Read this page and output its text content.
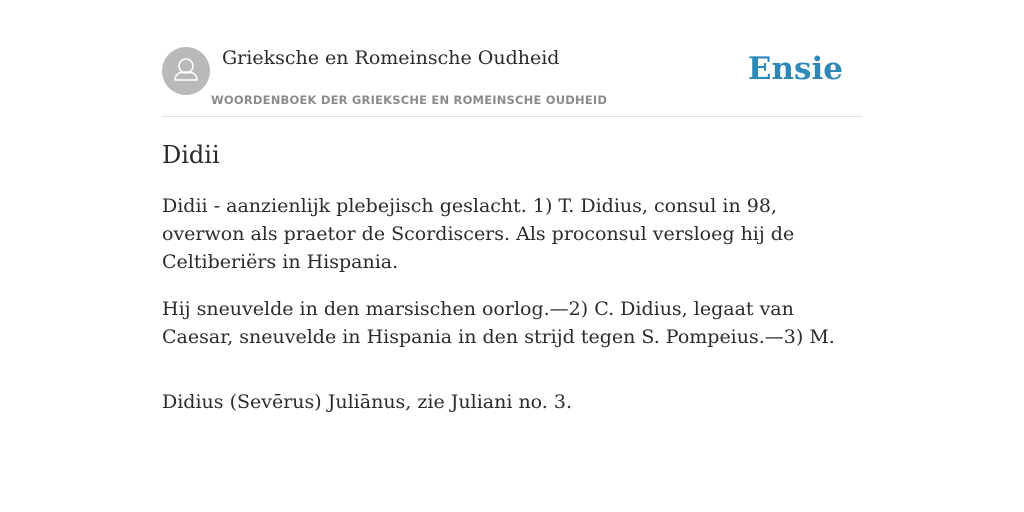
Grieksche en Romeinsche Oudheid
WOORDENBOEK DER GRIEKSCHE EN ROMEINSCHE OUDHEID
Ensie
Didii

Didii - aanzienlijk plebejisch geslacht. 1) T. Didius, consul in 98, overwon als praetor de Scordiscers. Als proconsul versloeg hij de Celtiberiërs in Hispania.

Hij sneuvelde in den marsischen oorlog.—2) C. Didius, legaat van Caesar, sneuvelde in Hispania in den strijd tegen S. Pompeius.—3) M.

Didius (Sevērus) Juliānus, zie Juliani no. 3.
